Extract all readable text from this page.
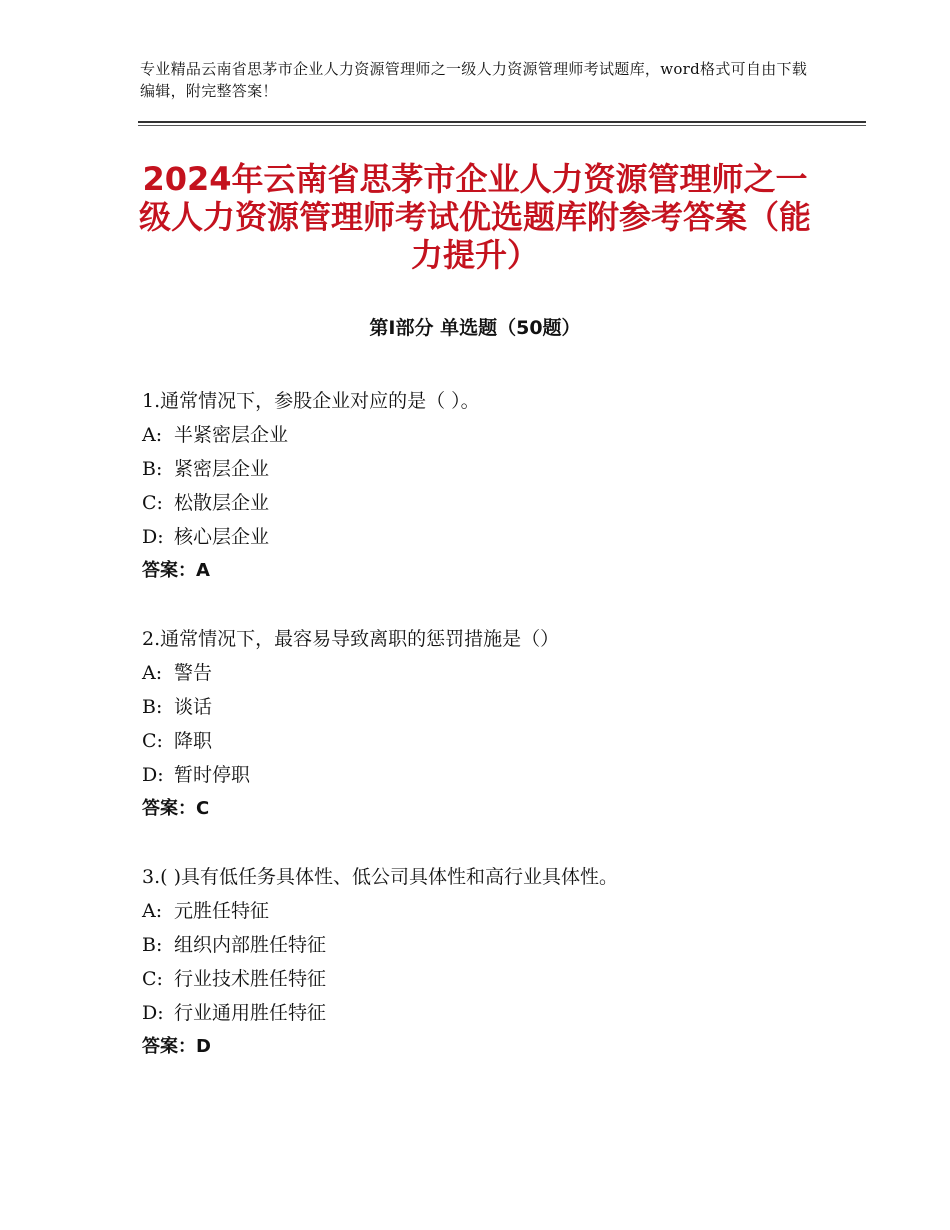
专业精品云南省思茅市企业人力资源管理师之一级人力资源管理师考试题库，word格式可自由下载编辑，附完整答案！
2024年云南省思茅市企业人力资源管理师之一级人力资源管理师考试优选题库附参考答案（能力提升）
第Ⅰ部分 单选题（50题）
1.通常情况下，参股企业对应的是（ ）。
A: 半紧密层企业
B: 紧密层企业
C: 松散层企业
D: 核心层企业
答案：A
2.通常情况下，最容易导致离职的惩罚措施是（）
A: 警告
B: 谈话
C: 降职
D: 暂时停职
答案：C
3.( )具有低任务具体性、低公司具体性和高行业具体性。
A: 元胜任特征
B: 组织内部胜任特征
C: 行业技术胜任特征
D: 行业通用胜任特征
答案：D
